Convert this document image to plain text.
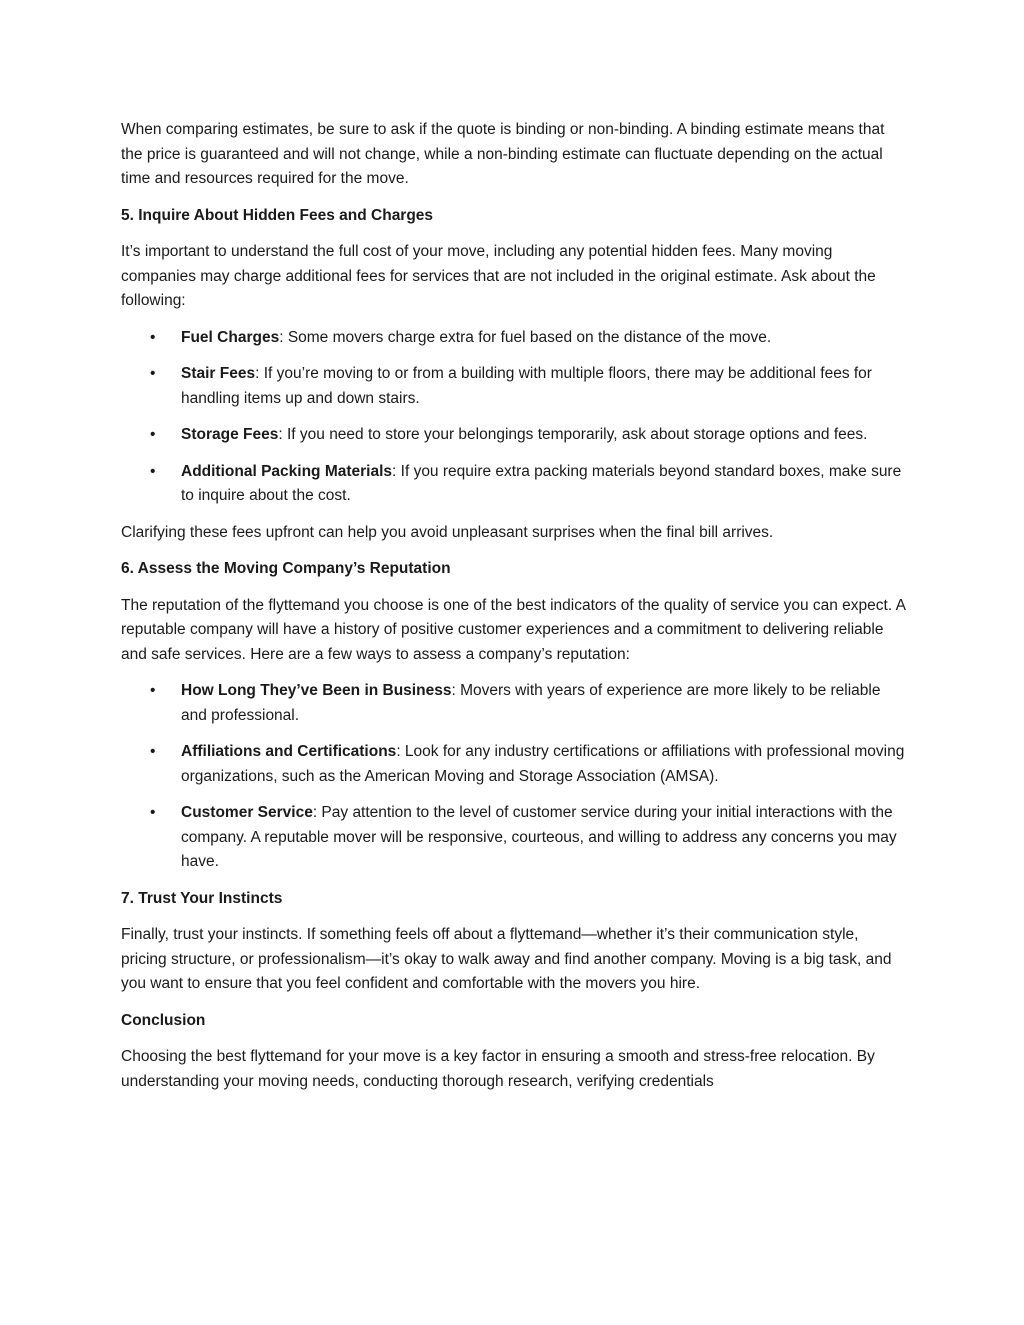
When comparing estimates, be sure to ask if the quote is binding or non-binding. A binding estimate means that the price is guaranteed and will not change, while a non-binding estimate can fluctuate depending on the actual time and resources required for the move.

5. Inquire About Hidden Fees and Charges

It’s important to understand the full cost of your move, including any potential hidden fees. Many moving companies may charge additional fees for services that are not included in the original estimate. Ask about the following:

• Fuel Charges: Some movers charge extra for fuel based on the distance of the move.
• Stair Fees: If you’re moving to or from a building with multiple floors, there may be additional fees for handling items up and down stairs.
• Storage Fees: If you need to store your belongings temporarily, ask about storage options and fees.
• Additional Packing Materials: If you require extra packing materials beyond standard boxes, make sure to inquire about the cost.

Clarifying these fees upfront can help you avoid unpleasant surprises when the final bill arrives.

6. Assess the Moving Company’s Reputation

The reputation of the flyttemand you choose is one of the best indicators of the quality of service you can expect. A reputable company will have a history of positive customer experiences and a commitment to delivering reliable and safe services. Here are a few ways to assess a company’s reputation:

• How Long They’ve Been in Business: Movers with years of experience are more likely to be reliable and professional.
• Affiliations and Certifications: Look for any industry certifications or affiliations with professional moving organizations, such as the American Moving and Storage Association (AMSA).
• Customer Service: Pay attention to the level of customer service during your initial interactions with the company. A reputable mover will be responsive, courteous, and willing to address any concerns you may have.

7. Trust Your Instincts

Finally, trust your instincts. If something feels off about a flyttemand—whether it’s their communication style, pricing structure, or professionalism—it’s okay to walk away and find another company. Moving is a big task, and you want to ensure that you feel confident and comfortable with the movers you hire.

Conclusion

Choosing the best flyttemand for your move is a key factor in ensuring a smooth and stress-free relocation. By understanding your moving needs, conducting thorough research, verifying credentials
